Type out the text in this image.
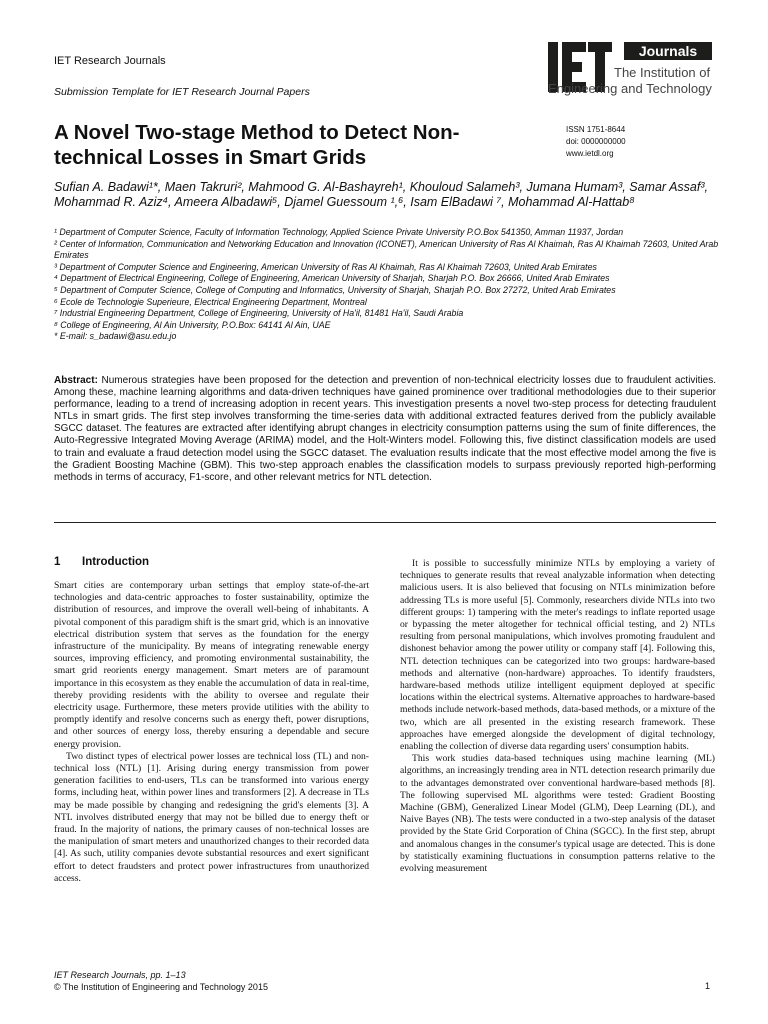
IET Research Journals
Submission Template for IET Research Journal Papers
Journals
The Institution of
Engineering and Technology
A Novel Two-stage Method to Detect Non-technical Losses in Smart Grids
ISSN 1751-8644
doi: 0000000000
www.ietdl.org
Sufian A. Badawi¹*, Maen Takruri², Mahmood G. Al-Bashayreh¹, Khouloud Salameh³, Jumana Humam³, Samar Assaf³, Mohammad R. Aziz⁴, Ameera Albadawi⁵, Djamel Guessoum ¹,⁶, Isam ElBadawi ⁷, Mohammad Al-Hattab⁸
¹ Department of Computer Science, Faculty of Information Technology, Applied Science Private University P.O.Box 541350, Amman 11937, Jordan
² Center of Information, Communication and Networking Education and Innovation (ICONET), American University of Ras Al Khaimah, Ras Al Khaimah 72603, United Arab Emirates
³ Department of Computer Science and Engineering, American University of Ras Al Khaimah, Ras Al Khaimah 72603, United Arab Emirates
⁴ Department of Electrical Engineering, College of Engineering, American University of Sharjah, Sharjah P.O. Box 26666, United Arab Emirates
⁵ Department of Computer Science, College of Computing and Informatics, University of Sharjah, Sharjah P.O. Box 27272, United Arab Emirates
⁶ Ecole de Technologie Superieure, Electrical Engineering Department, Montreal
⁷ Industrial Engineering Department, College of Engineering, University of Ha'il, 81481 Ha'il, Saudi Arabia
⁸ College of Engineering, Al Ain University, P.O.Box: 64141 Al Ain, UAE
* E-mail: s_badawi@asu.edu.jo

Abstract: Numerous strategies have been proposed for the detection and prevention of non-technical electricity losses due to fraudulent activities. Among these, machine learning algorithms and data-driven techniques have gained prominence over traditional methodologies due to their superior performance, leading to a trend of increasing adoption in recent years. This investigation presents a novel two-step process for detecting fraudulent NTLs in smart grids. The first step involves transforming the time-series data with additional extracted features derived from the publicly available SGCC dataset. The features are extracted after identifying abrupt changes in electricity consumption patterns using the sum of finite differences, the Auto-Regressive Integrated Moving Average (ARIMA) model, and the Holt-Winters model. Following this, five distinct classification models are used to train and evaluate a fraud detection model using the SGCC dataset. The evaluation results indicate that the most effective model among the five is the Gradient Boosting Machine (GBM). This two-step approach enables the classification models to surpass previously reported high-performing methods in terms of accuracy, F1-score, and other relevant metrics for NTL detection.

1 Introduction

Smart cities are contemporary urban settings that employ state-of-the-art technologies and data-centric approaches to foster sustainability, optimize the distribution of resources, and improve the overall well-being of inhabitants. A pivotal component of this paradigm shift is the smart grid, which is an innovative electrical distribution system that serves as the foundation for the energy infrastructure of the municipality. By means of integrating renewable energy sources, improving efficiency, and promoting environmental sustainability, the smart grid reorients energy management. Smart meters are of paramount importance in this ecosystem as they enable the accumulation of data in real-time, thereby providing residents with the ability to oversee and regulate their electricity usage. Furthermore, these meters provide utilities with the ability to promptly identify and resolve concerns such as energy theft, power disruptions, and other sources of energy loss, thereby ensuring a dependable and secure energy provision.

Two distinct types of electrical power losses are technical loss (TL) and non-technical loss (NTL) [1]. Arising during energy transmission from power generation facilities to end-users, TLs can be transformed into various energy forms, including heat, within power lines and transformers [2]. A decrease in TLs may be made possible by changing and redesigning the grid's elements [3]. A NTL involves distributed energy that may not be billed due to energy theft or fraud. In the majority of nations, the primary causes of non-technical losses are the manipulation of smart meters and unauthorized changes to their recorded data [4]. As such, utility companies devote substantial resources and exert significant effort to detect fraudsters and protect power infrastructures from unauthorized access.

It is possible to successfully minimize NTLs by employing a variety of techniques to generate results that reveal analyzable information when detecting malicious users. It is also believed that focusing on NTLs minimization before addressing TLs is more useful [5]. Commonly, researchers divide NTLs into two different groups: 1) tampering with the meter's readings to inflate reported usage or bypassing the meter altogether for technical official testing, and 2) NTLs resulting from personal manipulations, which involves promoting fraudulent and dishonest behavior among the power utility or company staff [4]. Following this, NTL detection techniques can be categorized into two groups: hardware-based methods and alternative (non-hardware) approaches. To identify fraudsters, hardware-based methods utilize intelligent equipment deployed at specific locations within the electrical systems. Alternative approaches to hardware-based methods include network-based methods, data-based methods, or a mixture of the two, which are all presented in the existing research framework. These approaches have emerged alongside the development of digital technology, enabling the collection of diverse data regarding users' consumption habits.

This work studies data-based techniques using machine learning (ML) algorithms, an increasingly trending area in NTL detection research primarily due to the advantages demonstrated over conventional hardware-based methods [8]. The following supervised ML algorithms were tested: Gradient Boosting Machine (GBM), Generalized Linear Model (GLM), Deep Learning (DL), and Naive Bayes (NB). The tests were conducted in a two-step analysis of the dataset provided by the State Grid Corporation of China (SGCC). In the first step, abrupt and anomalous changes in the consumer's typical usage are detected. This is done by statistically examining fluctuations in consumption patterns relative to the evolving measurement

IET Research Journals, pp. 1–13
© The Institution of Engineering and Technology 2015	1
